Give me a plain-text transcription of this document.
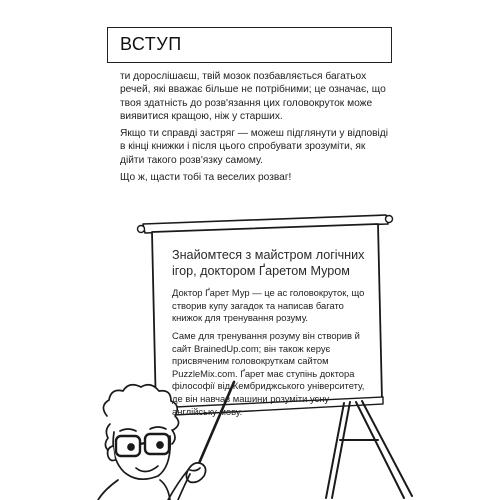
ВСТУП

ти дорослішаєш, твій мозок позбавляється багатьох речей, які вважає більше не потрібними; це означає, що твоя здатність до розв'язання цих головокруток може виявитися кращою, ніж у старших.

Якщо ти справді застряг — можеш підглянути у відповіді в кінці книжки і після цього спробувати зрозуміти, як дійти такого розв'язку самому.

Що ж, щасти тобі та веселих розваг!

Знайомтеся з майстром логічних ігор, доктором Ґаретом Муром

Доктор Ґарет Мур — це ас головокруток, що створив купу загадок та написав багато книжок для тренування розуму.

Саме для тренування розуму він створив й сайт BrainedUp.com; він також керує присвяченим головокруткам сайтом PuzzleMix.com. Ґарет має ступінь доктора філософії від Кембриджського університету, де він навчав машини розуміти усну англійську мову.
